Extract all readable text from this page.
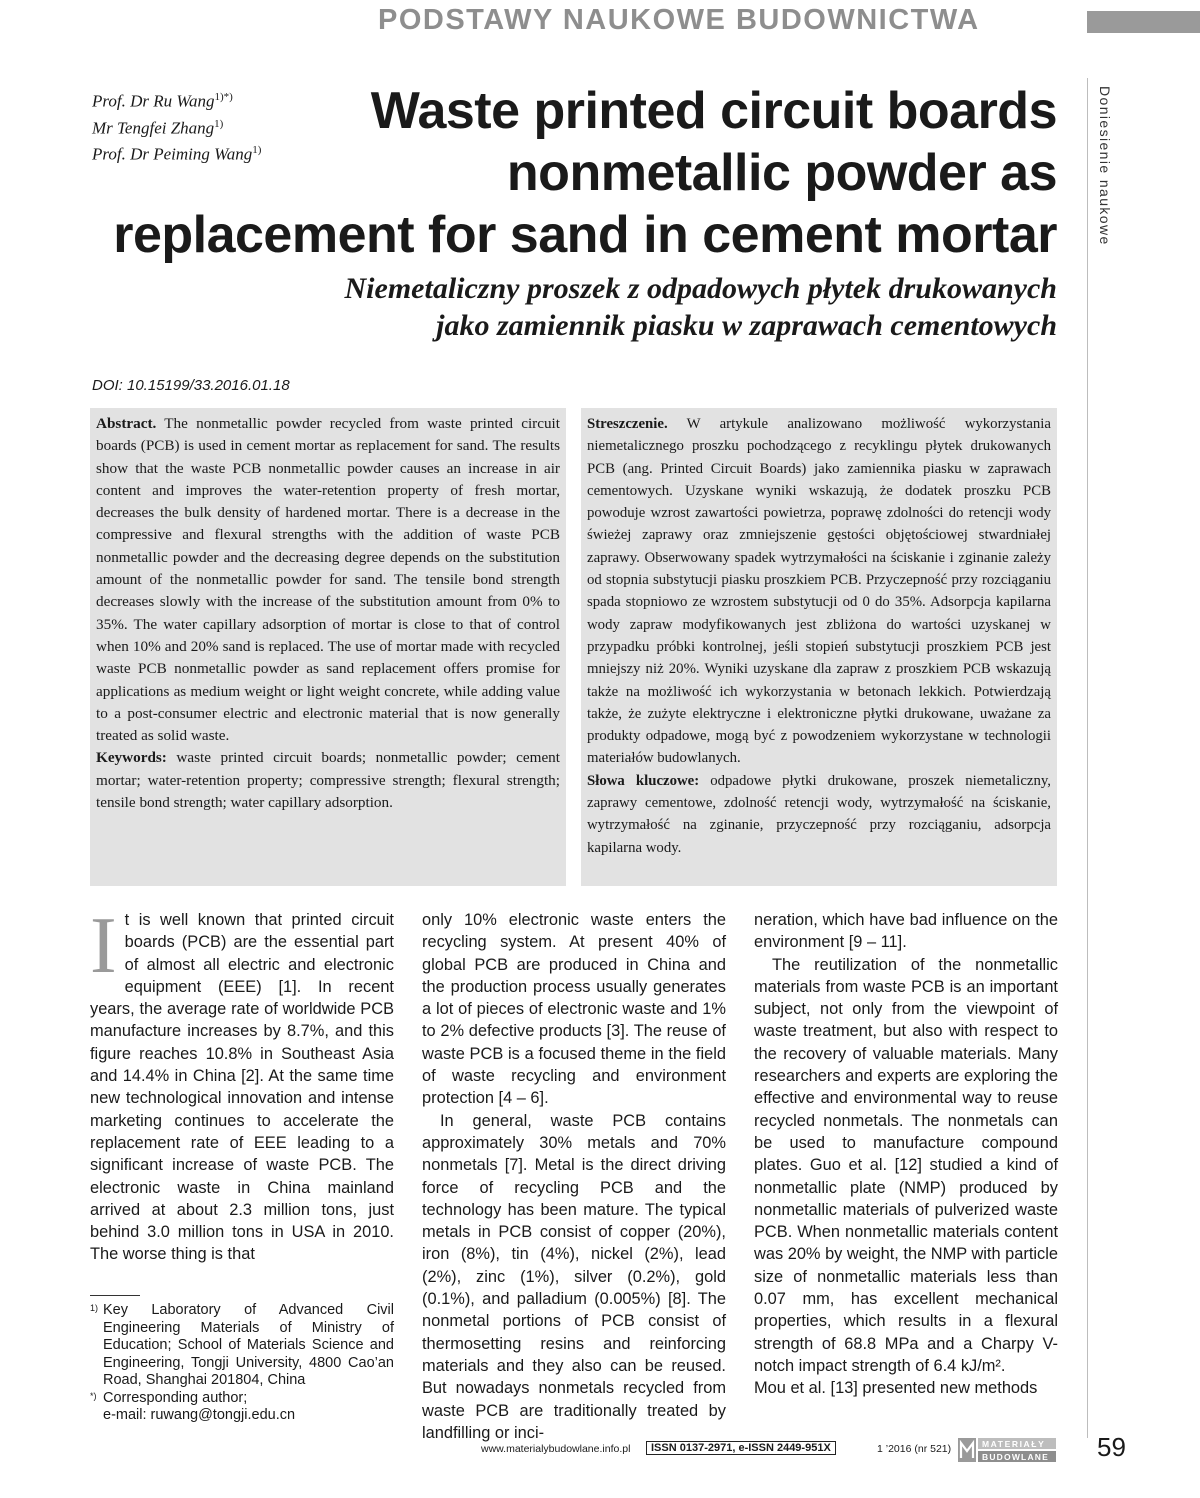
PODSTAWY NAUKOWE BUDOWNICTWA
Doniesienie naukowe
Prof. Dr Ru Wang$^{1)*)}$
Mr Tengfei Zhang$^{1)}$
Prof. Dr Peiming Wang$^{1)}$
Waste printed circuit boards
nonmetallic powder as
replacement for sand in cement mortar
Niemetaliczny proszek z odpadowych płytek drukowanych
jako zamiennik piasku w zaprawach cementowych
DOI: 10.15199/33.2016.01.18
Abstract. The nonmetallic powder recycled from waste printed circuit boards (PCB) is used in cement mortar as replacement for sand. The results show that the waste PCB nonmetallic powder causes an increase in air content and improves the water-retention property of fresh mortar, decreases the bulk density of hardened mortar. There is a decrease in the compressive and flexural strengths with the addition of waste PCB nonmetallic powder and the decreasing degree depends on the substitution amount of the nonmetallic powder for sand. The tensile bond strength decreases slowly with the increase of the substitution amount from 0% to 35%. The water capillary adsorption of mortar is close to that of control when 10% and 20% sand is replaced. The use of mortar made with recycled waste PCB nonmetallic powder as sand replacement offers promise for applications as medium weight or light weight concrete, while adding value to a post-consumer electric and electronic material that is now generally treated as solid waste.
Keywords: waste printed circuit boards; nonmetallic powder; cement mortar; water-retention property; compressive strength; flexural strength; tensile bond strength; water capillary adsorption.
Streszczenie. W artykule analizowano możliwość wykorzystania niemetalicznego proszku pochodzącego z recyklingu płytek drukowanych PCB (ang. Printed Circuit Boards) jako zamiennika piasku w zaprawach cementowych. Uzyskane wyniki wskazują, że dodatek proszku PCB powoduje wzrost zawartości powietrza, poprawę zdolności do retencji wody świeżej zaprawy oraz zmniejszenie gęstości objętościowej stwardniałej zaprawy. Obserwowany spadek wytrzymałości na ściskanie i zginanie zależy od stopnia substytucji piasku proszkiem PCB. Przyczepność przy rozciąganiu spada stopniowo ze wzrostem substytucji od 0 do 35%. Adsorpcja kapilarna wody zapraw modyfikowanych jest zbliżona do wartości uzyskanej w przypadku próbki kontrolnej, jeśli stopień substytucji proszkiem PCB jest mniejszy niż 20%. Wyniki uzyskane dla zapraw z proszkiem PCB wskazują także na możliwość ich wykorzystania w betonach lekkich. Potwierdzają także, że zużyte elektryczne i elektroniczne płytki drukowane, uważane za produkty odpadowe, mogą być z powodzeniem wykorzystane w technologii materiałów budowlanych.
Słowa kluczowe: odpadowe płytki drukowane, proszek niemetaliczny, zaprawy cementowe, zdolność retencji wody, wytrzymałość na ściskanie, wytrzymałość na zginanie, przyczepność przy rozciąganiu, adsorpcja kapilarna wody.

It is well known that printed circuit boards (PCB) are the essential part of almost all electric and electronic equipment (EEE) [1]. In recent years, the average rate of worldwide PCB manufacture increases by 8.7%, and this figure reaches 10.8% in Southeast Asia and 14.4% in China [2]. At the same time new technological innovation and intense marketing continues to accelerate the replacement rate of EEE leading to a significant increase of waste PCB. The electronic waste in China mainland arrived at about 2.3 million tons, just behind 3.0 million tons in USA in 2010. The worse thing is that

only 10% electronic waste enters the recycling system. At present 40% of global PCB are produced in China and the production process usually generates a lot of pieces of electronic waste and 1% to 2% defective products [3]. The reuse of waste PCB is a focused theme in the field of waste recycling and environment protection [4 – 6].

In general, waste PCB contains approximately 30% metals and 70% nonmetals [7]. Metal is the direct driving force of recycling PCB and the technology has been mature. The typical metals in PCB consist of copper (20%), iron (8%), tin (4%), nickel (2%), lead (2%), zinc (1%), silver (0.2%), gold (0.1%), and palladium (0.005%) [8]. The nonmetal portions of PCB consist of thermosetting resins and reinforcing materials and they also can be reused. But nowadays nonmetals recycled from waste PCB are traditionally treated by landfilling or inci-

neration, which have bad influence on the environment [9 – 11].

The reutilization of the nonmetallic materials from waste PCB is an important subject, not only from the viewpoint of waste treatment, but also with respect to the recovery of valuable materials. Many researchers and experts are exploring the effective and environmental way to reuse recycled nonmetals. The nonmetals can be used to manufacture compound plates. Guo et al. [12] studied a kind of nonmetallic plate (NMP) produced by nonmetallic materials of pulverized waste PCB. When nonmetallic materials content was 20% by weight, the NMP with particle size of nonmetallic materials less than 0.07 mm, has excellent mechanical properties, which results in a flexural strength of 68.8 MPa and a Charpy V-notch impact strength of 6.4 kJ/m².

Mou et al. [13] presented new methods

1) Key Laboratory of Advanced Civil Engineering Materials of Ministry of Education; School of Materials Science and Engineering, Tongji University, 4800 Cao’an Road, Shanghai 201804, China
*) Corresponding author;
e-mail: ruwang@tongji.edu.cn
www.materialybudowlane.info.pl	ISSN 0137-2971, e-ISSN 2449-951X	1 ’2016 (nr 521)	MATERIAŁY
BUDOWLANE 59
